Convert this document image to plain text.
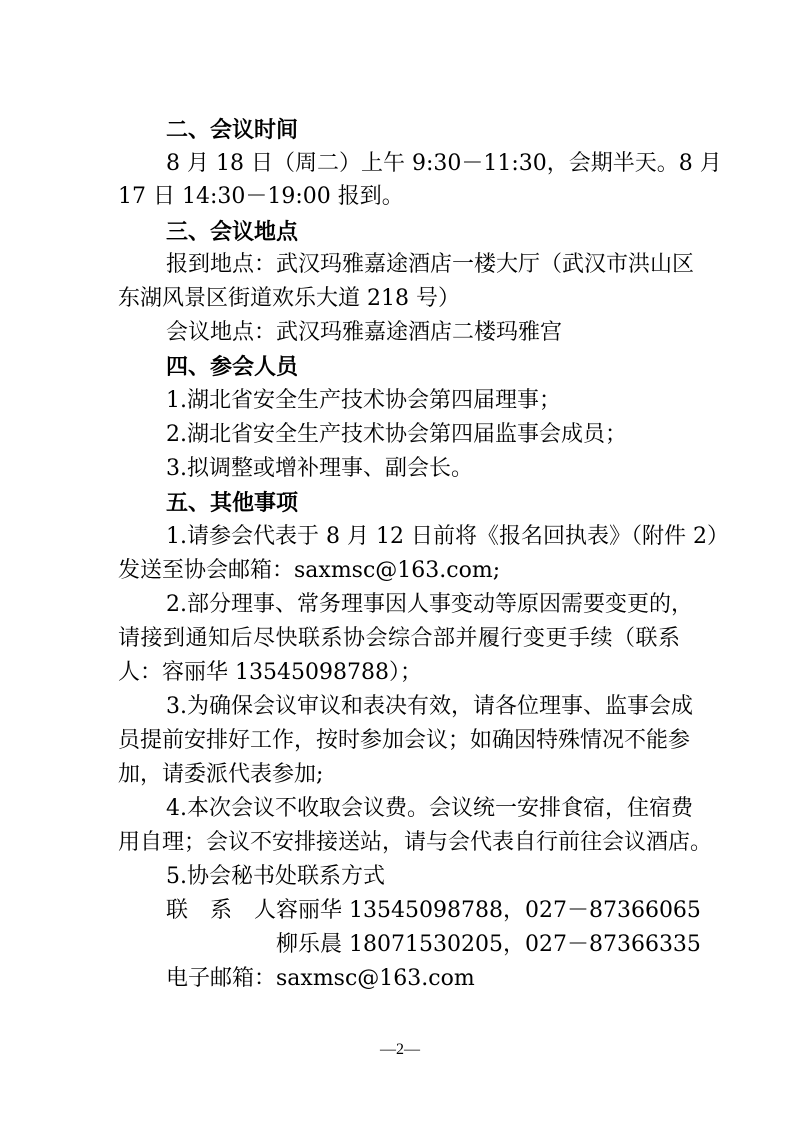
二、会议时间
8 月 18 日（周二）上午 9:30－11:30，会期半天。8 月
17 日 14:30－19:00 报到。
三、会议地点
报到地点：武汉玛雅嘉途酒店一楼大厅（武汉市洪山区
东湖风景区街道欢乐大道 218 号）
会议地点：武汉玛雅嘉途酒店二楼玛雅宫
四、参会人员
1.湖北省安全生产技术协会第四届理事；
2.湖北省安全生产技术协会第四届监事会成员；
3.拟调整或增补理事、副会长。
五、其他事项
1.请参会代表于 8 月 12 日前将《报名回执表》（附件 2）
发送至协会邮箱：saxmsc@163.com;
2.部分理事、常务理事因人事变动等原因需要变更的，
请接到通知后尽快联系协会综合部并履行变更手续（联系
人：容丽华 13545098788）；
3.为确保会议审议和表决有效，请各位理事、监事会成
员提前安排好工作，按时参加会议；如确因特殊情况不能参
加，请委派代表参加;
4.本次会议不收取会议费。会议统一安排食宿，住宿费
用自理；会议不安排接送站，请与会代表自行前往会议酒店。
5.协会秘书处联系方式
联　系　人：
容丽华 13545098788，027－87366065
柳乐晨 18071530205，027－87366335
电子邮箱： saxmsc@163.com
—2—
